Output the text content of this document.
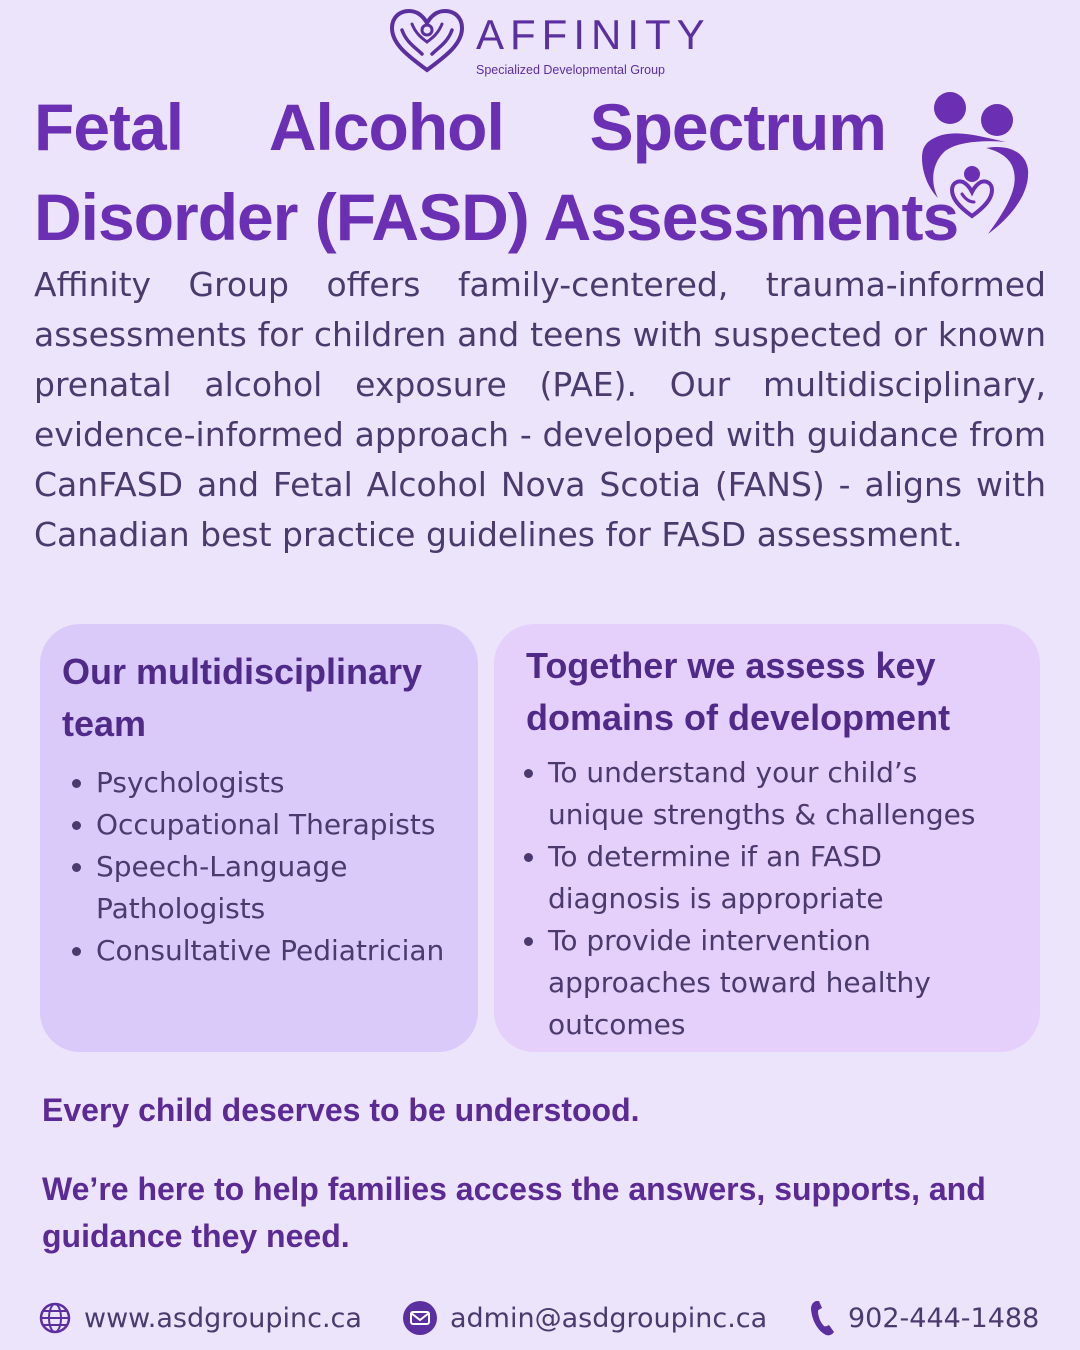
AFFINITY
Specialized Developmental Group
Fetal Alcohol Spectrum
Disorder (FASD) Assessments

Affinity Group offers family-centered, trauma-informed assessments for children and teens with suspected or known prenatal alcohol exposure (PAE). Our multidisciplinary, evidence-informed approach - developed with guidance from CanFASD and Fetal Alcohol Nova Scotia (FANS) - aligns with Canadian best practice guidelines for FASD assessment.

Our multidisciplinary team
• Psychologists
• Occupational Therapists
• Speech-Language Pathologists
• Consultative Pediatrician
Together we assess key domains of development
• To understand your child’s unique strengths & challenges
• To determine if an FASD diagnosis is appropriate
• To provide intervention approaches toward healthy outcomes

Every child deserves to be understood.

We’re here to help families access the answers, supports, and guidance they need.

www.asdgroupinc.ca	admin@asdgroupinc.ca	902-444-1488
